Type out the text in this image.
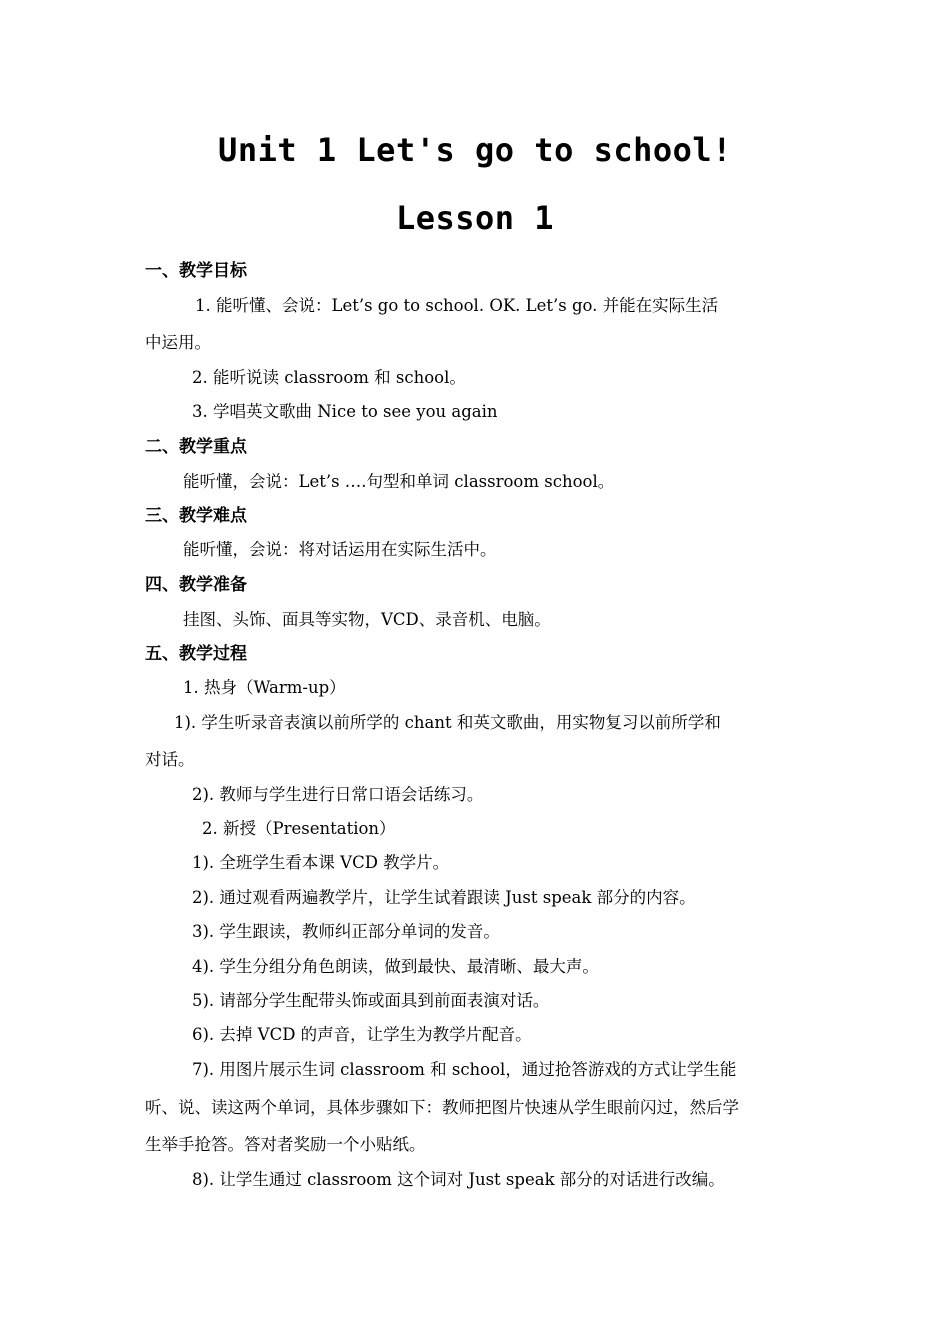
Unit 1 Let's go to school!
Lesson 1
一、教学目标
1. 能听懂、会说：Let’s go to school. OK. Let’s go. 并能在实际生活
中运用。
2. 能听说读 classroom 和 school。
3. 学唱英文歌曲 Nice to see you again
二、教学重点
能听懂，会说：Let’s ….句型和单词 classroom school。
三、教学难点
能听懂，会说：将对话运用在实际生活中。
四、教学准备
挂图、头饰、面具等实物，VCD、录音机、电脑。
五、教学过程
1. 热身（Warm-up）
1). 学生听录音表演以前所学的 chant 和英文歌曲，用实物复习以前所学和
对话。
2). 教师与学生进行日常口语会话练习。
2. 新授（Presentation）
1). 全班学生看本课 VCD 教学片。
2). 通过观看两遍教学片，让学生试着跟读 Just speak 部分的内容。
3). 学生跟读，教师纠正部分单词的发音。
4). 学生分组分角色朗读，做到最快、最清晰、最大声。
5). 请部分学生配带头饰或面具到前面表演对话。
6). 去掉 VCD 的声音，让学生为教学片配音。
7). 用图片展示生词 classroom 和 school，通过抢答游戏的方式让学生能
听、说、读这两个单词，具体步骤如下：教师把图片快速从学生眼前闪过，然后学
生举手抢答。答对者奖励一个小贴纸。
8). 让学生通过 classroom 这个词对 Just speak 部分的对话进行改编。
